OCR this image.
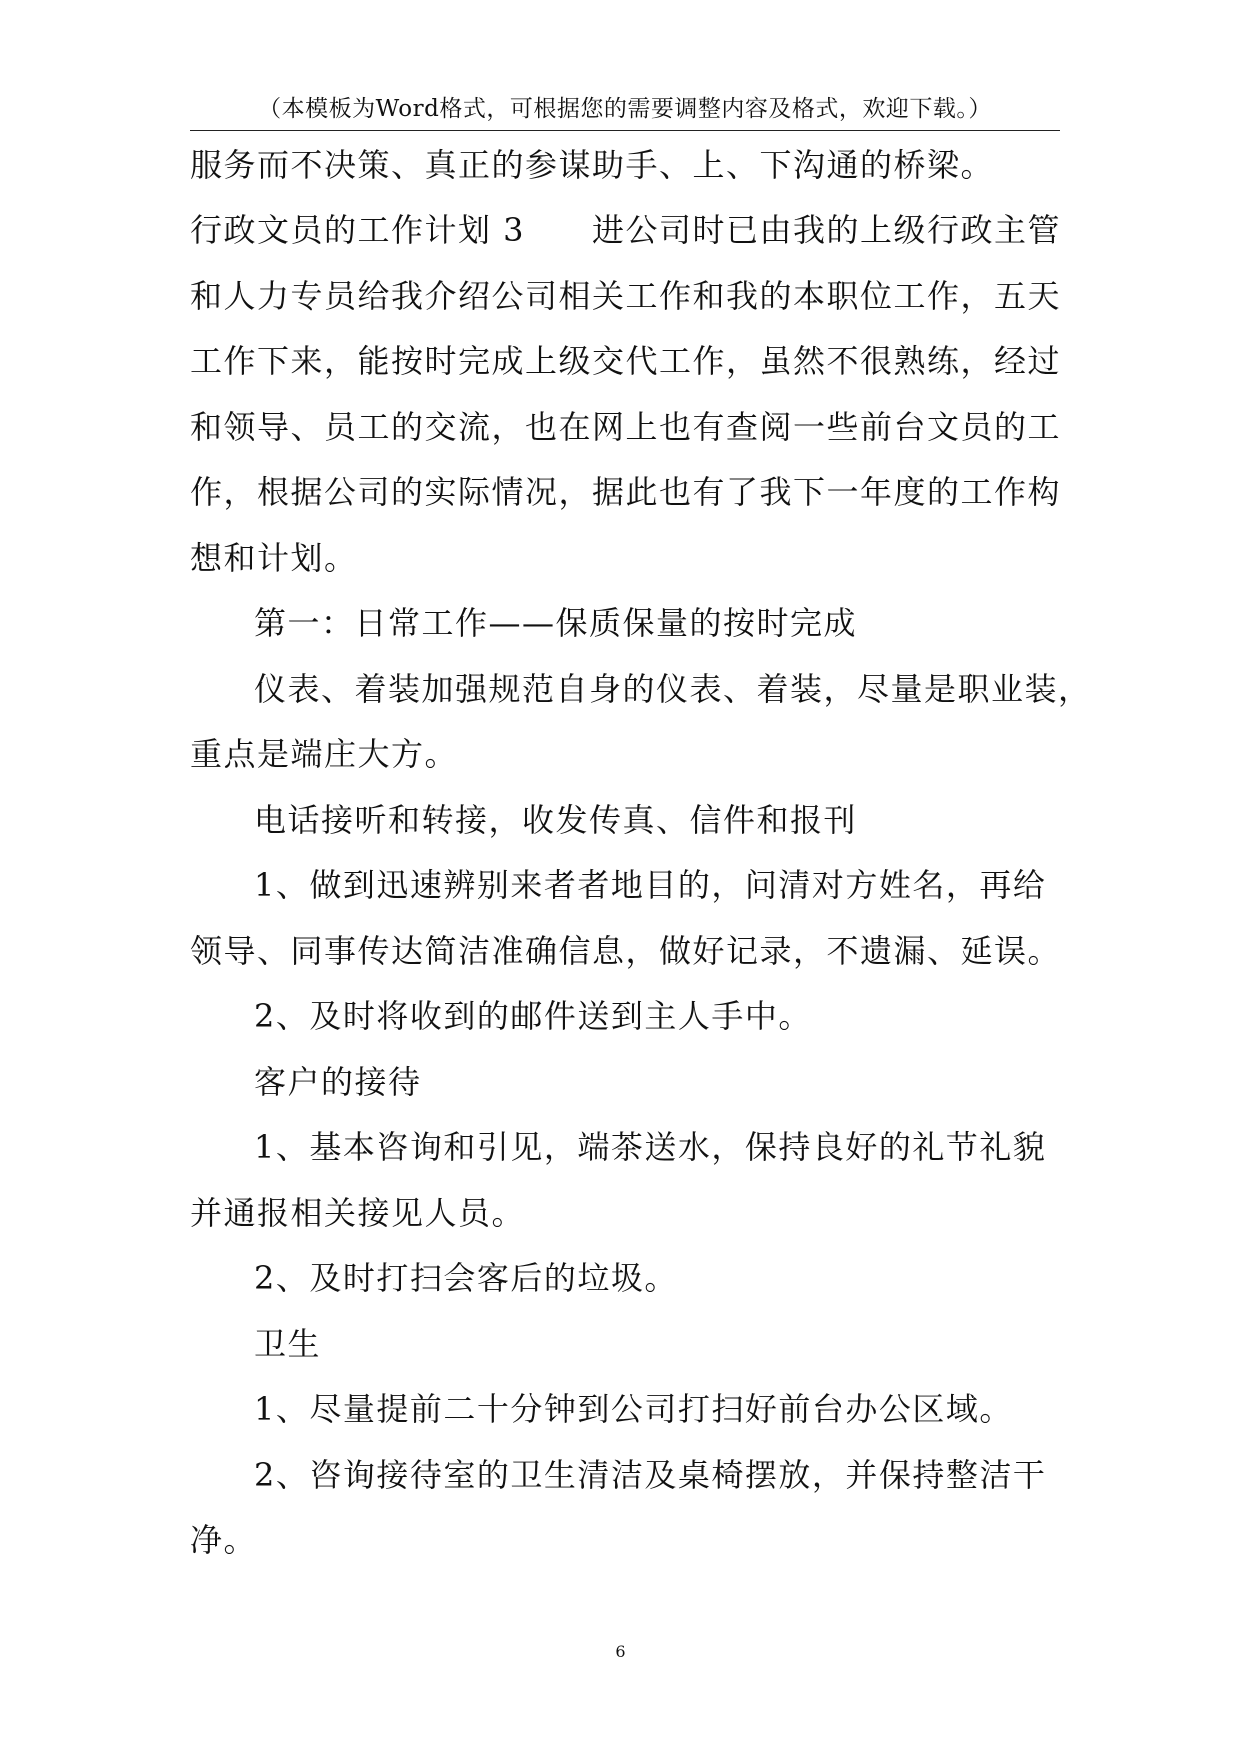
（本模板为Word格式，可根据您的需要调整内容及格式，欢迎下载。）
服务而不决策、真正的参谋助手、上、下沟通的桥梁。
行政文员的工作计划 3　　进公司时已由我的上级行政主管
和人力专员给我介绍公司相关工作和我的本职位工作，五天
工作下来，能按时完成上级交代工作，虽然不很熟练，经过
和领导、员工的交流，也在网上也有查阅一些前台文员的工
作，根据公司的实际情况，据此也有了我下一年度的工作构
想和计划。
第一：日常工作——保质保量的按时完成
仪表、着装加强规范自身的仪表、着装，尽量是职业装，
重点是端庄大方。
电话接听和转接，收发传真、信件和报刊
1、做到迅速辨别来者者地目的，问清对方姓名，再给
领导、同事传达简洁准确信息，做好记录，不遗漏、延误。
2、及时将收到的邮件送到主人手中。
客户的接待
1、基本咨询和引见，端茶送水，保持良好的礼节礼貌
并通报相关接见人员。
2、及时打扫会客后的垃圾。
卫生
1、尽量提前二十分钟到公司打扫好前台办公区域。
2、咨询接待室的卫生清洁及桌椅摆放，并保持整洁干
净。
6
